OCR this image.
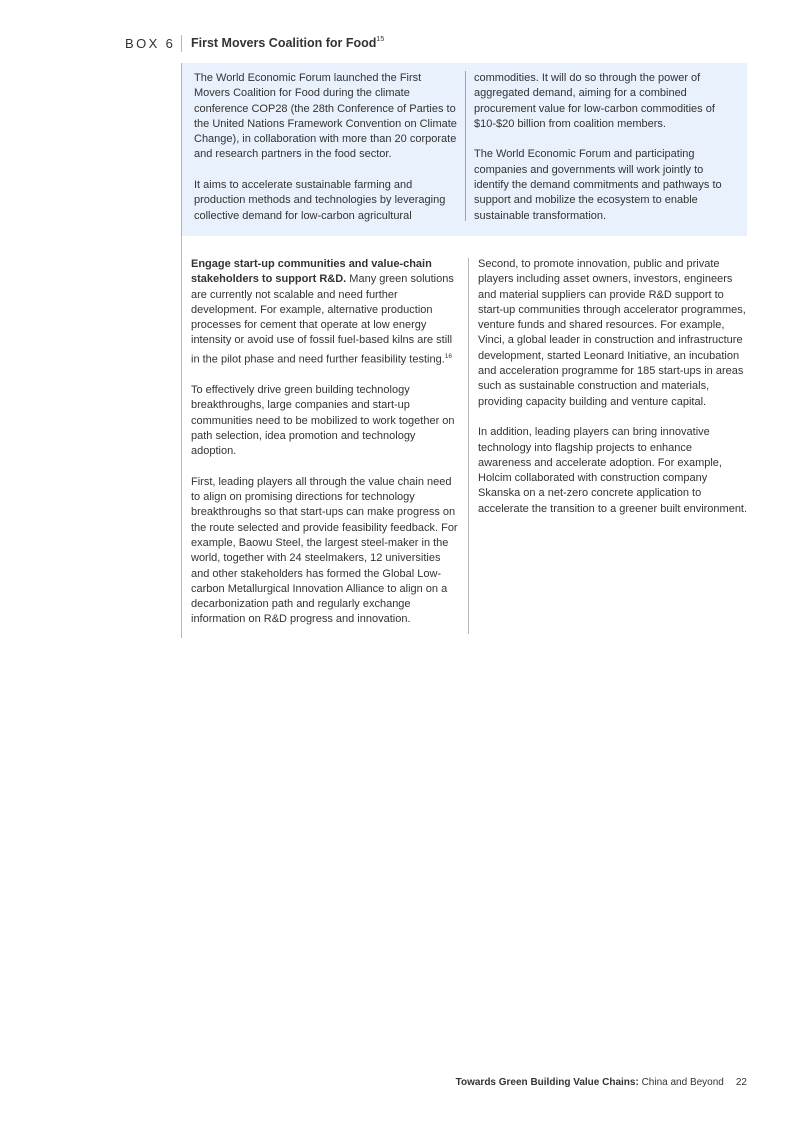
BOX 6 First Movers Coalition for Food$^{15}$

The World Economic Forum launched the First Movers Coalition for Food during the climate conference COP28 (the 28th Conference of Parties to the United Nations Framework Convention on Climate Change), in collaboration with more than 20 corporate and research partners in the food sector.

It aims to accelerate sustainable farming and production methods and technologies by leveraging collective demand for low-carbon agricultural

commodities. It will do so through the power of aggregated demand, aiming for a combined procurement value for low-carbon commodities of $10-$20 billion from coalition members.

The World Economic Forum and participating companies and governments will work jointly to identify the demand commitments and pathways to support and mobilize the ecosystem to enable sustainable transformation.

Engage start-up communities and value-chain stakeholders to support R&D. Many green solutions are currently not scalable and need further development. For example, alternative production processes for cement that operate at low energy intensity or avoid use of fossil fuel-based kilns are still in the pilot phase and need further feasibility testing.$^{16}$

To effectively drive green building technology breakthroughs, large companies and start-up communities need to be mobilized to work together on path selection, idea promotion and technology adoption.

First, leading players all through the value chain need to align on promising directions for technology breakthroughs so that start-ups can make progress on the route selected and provide feasibility feedback. For example, Baowu Steel, the largest steel-maker in the world, together with 24 steelmakers, 12 universities and other stakeholders has formed the Global Low-carbon Metallurgical Innovation Alliance to align on a decarbonization path and regularly exchange information on R&D progress and innovation.

Second, to promote innovation, public and private players including asset owners, investors, engineers and material suppliers can provide R&D support to start-up communities through accelerator programmes, venture funds and shared resources. For example, Vinci, a global leader in construction and infrastructure development, started Leonard Initiative, an incubation and acceleration programme for 185 start-ups in areas such as sustainable construction and materials, providing capacity building and venture capital.

In addition, leading players can bring innovative technology into flagship projects to enhance awareness and accelerate adoption. For example, Holcim collaborated with construction company Skanska on a net-zero concrete application to accelerate the transition to a greener built environment.

Towards Green Building Value Chains: China and Beyond 22
